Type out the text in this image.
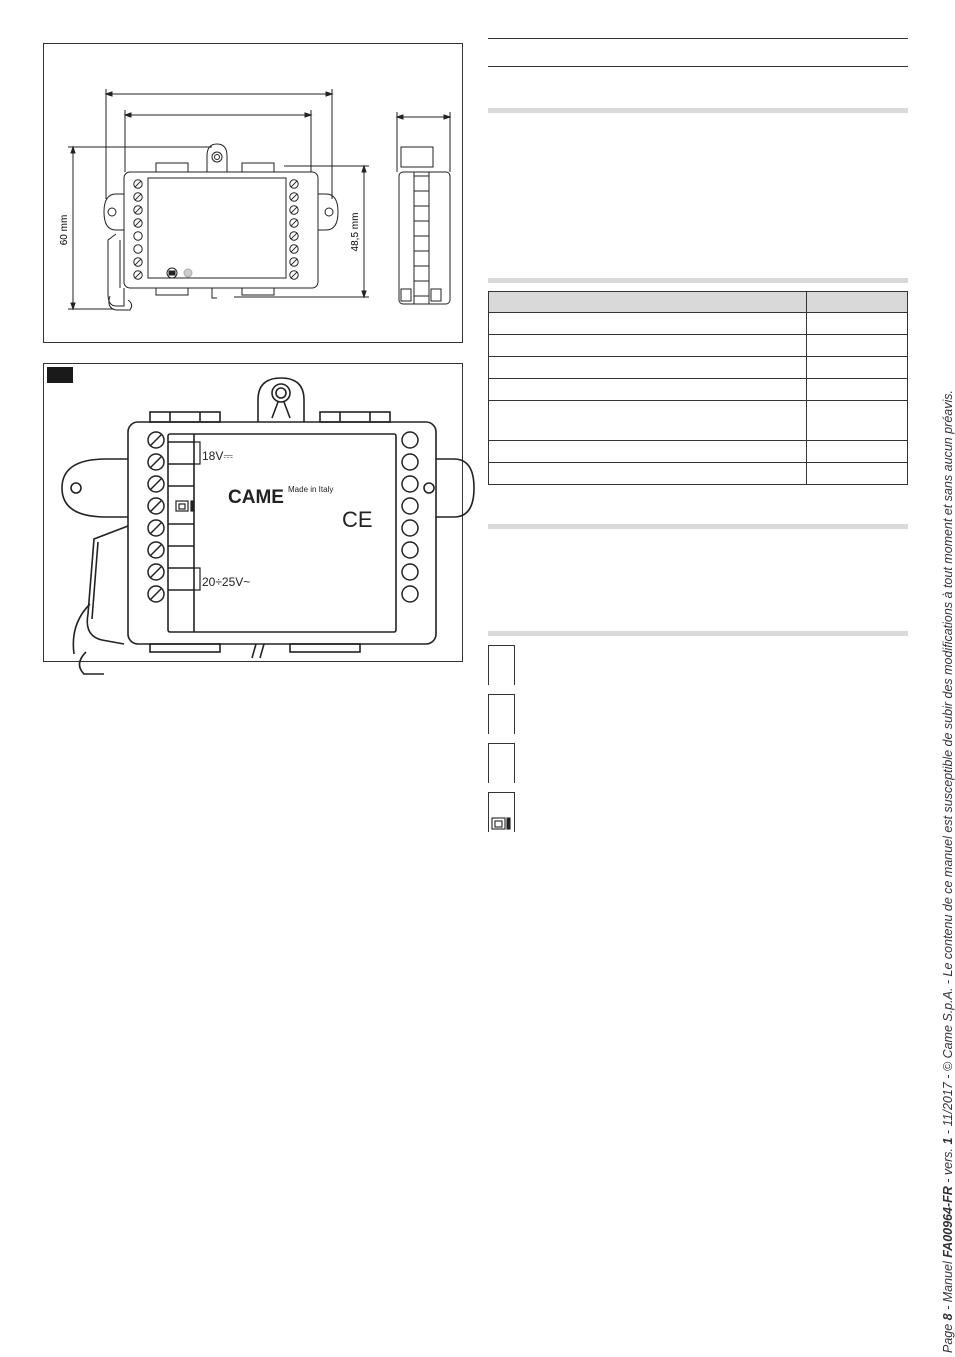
60 mm	48,5 mm
18V⎓
20÷25V~
CAME Made in Italy
CE

Page 8 - Manuel FA00964-FR - vers. 1 - 11/2017 - © Came S.p.A. - Le contenu de ce manuel est susceptible de subir des modifications à tout moment et sans aucun préavis.
